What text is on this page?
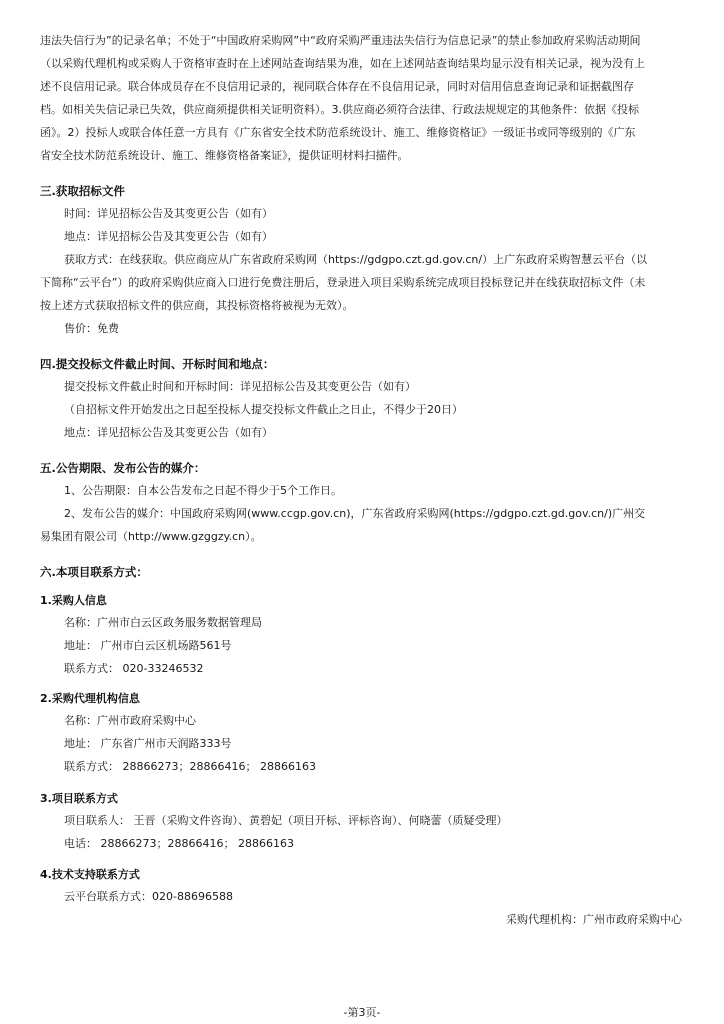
违法失信行为”的记录名单；不处于“中国政府采购网”中“政府采购严重违法失信行为信息记录”的禁止参加政府采购活动期间
（以采购代理机构或采购人于资格审查时在上述网站查询结果为准，如在上述网站查询结果均显示没有相关记录，视为没有上
述不良信用记录。联合体成员存在不良信用记录的，视同联合体存在不良信用记录，同时对信用信息查询记录和证据截图存
档。如相关失信记录已失效，供应商须提供相关证明资料）。3.供应商必须符合法律、行政法规规定的其他条件：依据《投标
函》。2）投标人或联合体任意一方具有《广东省安全技术防范系统设计、施工、维修资格证》一级证书或同等级别的《广东
省安全技术防范系统设计、施工、维修资格备案证》，提供证明材料扫描件。
三.获取招标文件
时间：详见招标公告及其变更公告（如有）
地点：详见招标公告及其变更公告（如有）
获取方式：在线获取。供应商应从广东省政府采购网（https://gdgpo.czt.gd.gov.cn/）上广东政府采购智慧云平台（以
下简称“云平台”）的政府采购供应商入口进行免费注册后，登录进入项目采购系统完成项目投标登记并在线获取招标文件（未
按上述方式获取招标文件的供应商，其投标资格将被视为无效）。
售价：免费
四.提交投标文件截止时间、开标时间和地点：
提交投标文件截止时间和开标时间：详见招标公告及其变更公告（如有）
（自招标文件开始发出之日起至投标人提交投标文件截止之日止，不得少于20日）
地点：详见招标公告及其变更公告（如有）
五.公告期限、发布公告的媒介：
1、公告期限：自本公告发布之日起不得少于5个工作日。
2、发布公告的媒介：中国政府采购网(www.ccgp.gov.cn)，广东省政府采购网(https://gdgpo.czt.gd.gov.cn/)广州交
易集团有限公司（http://www.gzggzy.cn）。
六.本项目联系方式：
1.采购人信息
名称：广州市白云区政务服务数据管理局
地址： 广州市白云区机场路561号
联系方式： 020-33246532
2.采购代理机构信息
名称：广州市政府采购中心
地址： 广东省广州市天润路333号
联系方式： 28866273；28866416； 28866163
3.项目联系方式
项目联系人： 王晋（采购文件咨询）、黄碧妃（项目开标、评标咨询）、何晓蕾（质疑受理）
电话： 28866273；28866416； 28866163
4.技术支持联系方式
云平台联系方式：020-88696588
采购代理机构：广州市政府采购中心
-第3页-
